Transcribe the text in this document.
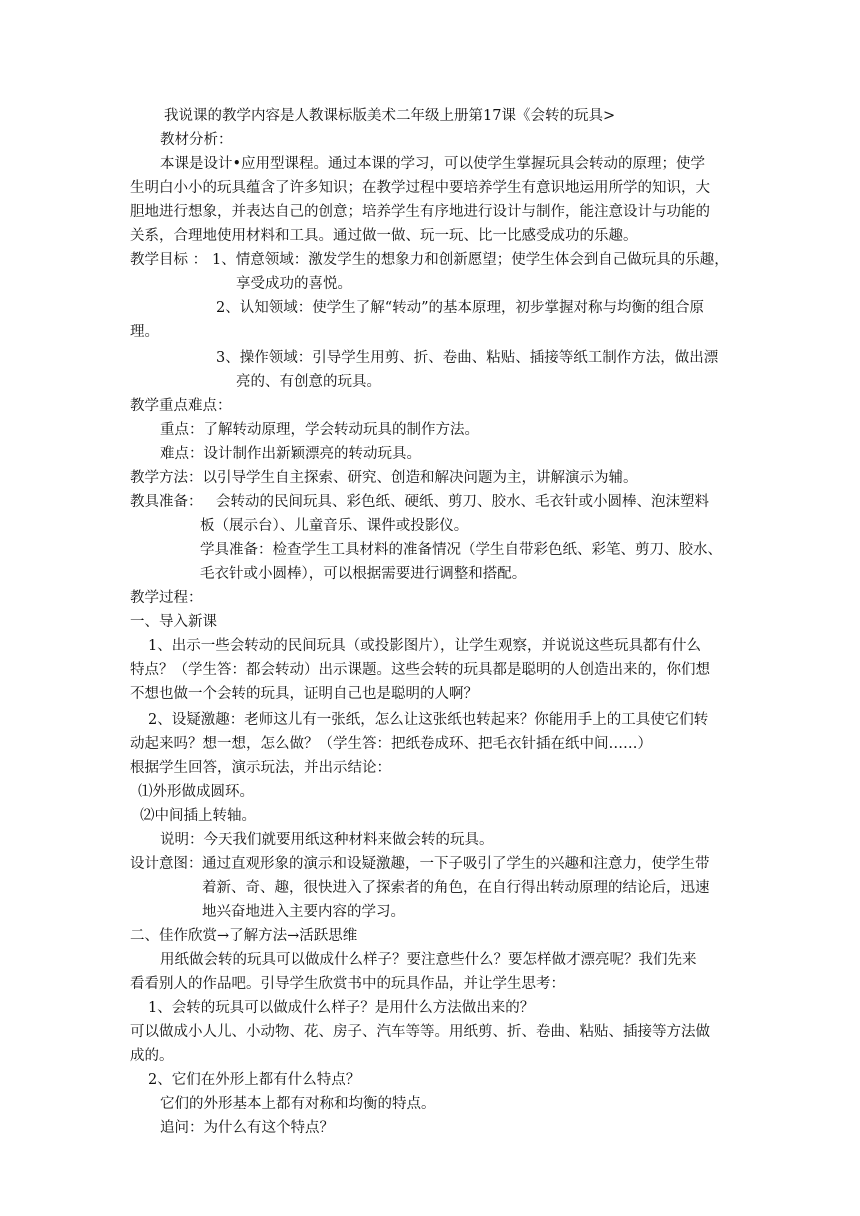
我说课的教学内容是人教课标版美术二年级上册第17课《会转的玩具>
教材分析：
本课是设计•应用型课程。通过本课的学习，可以使学生掌握玩具会转动的原理；使学
生明白小小的玩具蕴含了许多知识；在教学过程中要培养学生有意识地运用所学的知识，大
胆地进行想象，并表达自己的创意；培养学生有序地进行设计与制作，能注意设计与功能的
关系，合理地使用材料和工具。通过做一做、玩一玩、比一比感受成功的乐趣。
教学目标 ： 1、情意领域：激发学生的想象力和创新愿望；使学生体会到自己做玩具的乐趣，
享受成功的喜悦。
2、认知领域：使学生了解“转动”的基本原理，初步掌握对称与均衡的组合原
理。
3、操作领域：引导学生用剪、折、卷曲、粘贴、插接等纸工制作方法，做出漂
亮的、有创意的玩具。
教学重点难点：
重点：了解转动原理，学会转动玩具的制作方法。
难点：设计制作出新颖漂亮的转动玩具。
教学方法：以引导学生自主探索、研究、创造和解决问题为主，讲解演示为辅。
教具准备： 会转动的民间玩具、彩色纸、硬纸、剪刀、胶水、毛衣针或小圆棒、泡沫塑料
板（展示台）、儿童音乐、课件或投影仪。
学具准备：检查学生工具材料的准备情况（学生自带彩色纸、彩笔、剪刀、胶水、
毛衣针或小圆棒），可以根据需要进行调整和搭配。
教学过程：
一、导入新课
1、出示一些会转动的民间玩具（或投影图片），让学生观察，并说说这些玩具都有什么
特点？（学生答：都会转动）出示课题。这些会转的玩具都是聪明的人创造出来的，你们想
不想也做一个会转的玩具，证明自己也是聪明的人啊？
2、设疑激趣：老师这儿有一张纸，怎么让这张纸也转起来？你能用手上的工具使它们转
动起来吗？想一想，怎么做？（学生答：把纸卷成环、把毛衣针插在纸中间……）
根据学生回答，演示玩法，并出示结论：
⑴外形做成圆环。
⑵中间插上转轴。
说明：今天我们就要用纸这种材料来做会转的玩具。
设计意图： 通过直观形象的演示和设疑激趣，一下子吸引了学生的兴趣和注意力，使学生带
着新、奇、趣，很快进入了探索者的角色，在自行得出转动原理的结论后，迅速
地兴奋地进入主要内容的学习。
二、佳作欣赏→了解方法→活跃思维
用纸做会转的玩具可以做成什么样子？要注意些什么？要怎样做才漂亮呢？我们先来
看看别人的作品吧。引导学生欣赏书中的玩具作品，并让学生思考：
1、会转的玩具可以做成什么样子？是用什么方法做出来的？
可以做成小人儿、小动物、花、房子、汽车等等。用纸剪、折、卷曲、粘贴、插接等方法做
成的。
2、它们在外形上都有什么特点？
它们的外形基本上都有对称和均衡的特点。
追问：为什么有这个特点？
